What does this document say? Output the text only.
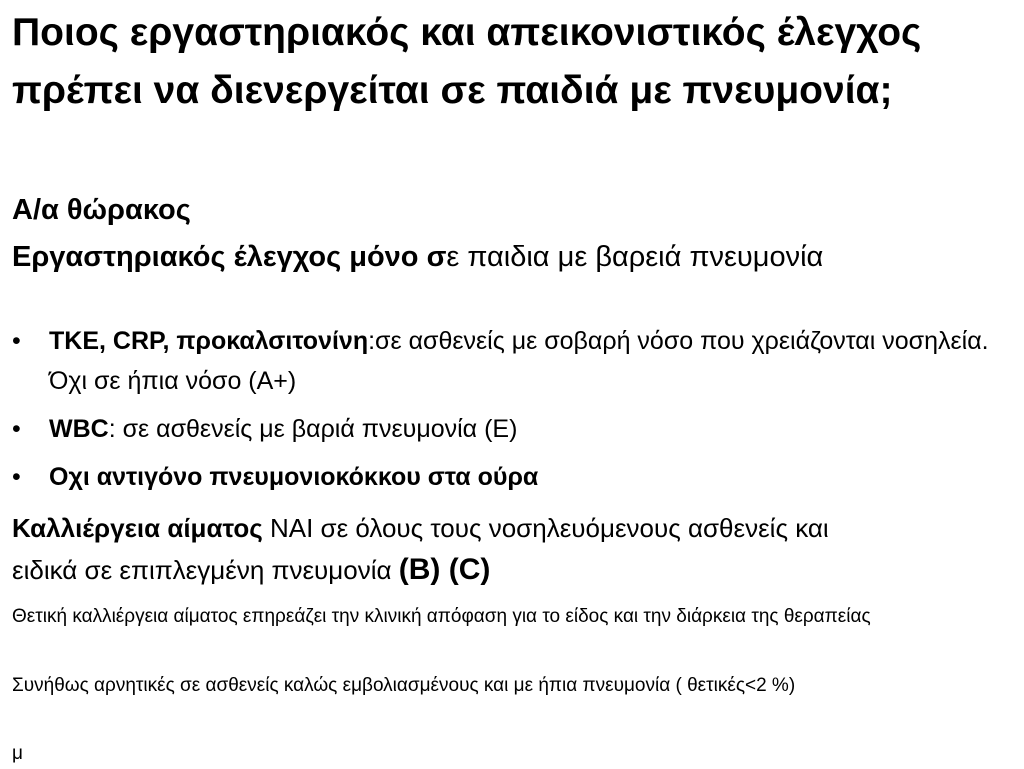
Ποιος εργαστηριακός και απεικονιστικός έλεγχος πρέπει να διενεργείται σε παιδιά με πνευμονία;

Α/α θώρακος

Εργαστηριακός έλεγχος μόνο σε παιδια με βαρειά πνευμονία

• ΤΚΕ, CRP, προκαλσιτονίνη:σε ασθενείς με σοβαρή νόσο που χρειάζονται νοσηλεία. Όχι σε ήπια νόσο (Α+)
• WBC: σε ασθενείς με βαριά πνευμονία (Ε)
• Οχι αντιγόνο πνευμονιοκόκκου στα ούρα

Καλλιέργεια αίματος ΝΑΙ σε όλους τους νοσηλευόμενους ασθενείς και ειδικά σε επιπλεγμένη πνευμονία (Β) (C)

Θετική καλλιέργεια αίματος επηρεάζει την κλινική απόφαση για το είδος και την διάρκεια της θεραπείας

Συνήθως αρνητικές σε ασθενείς καλώς εμβολιασμένους και με ήπια πνευμονία ( θετικές<2 %)

μ
